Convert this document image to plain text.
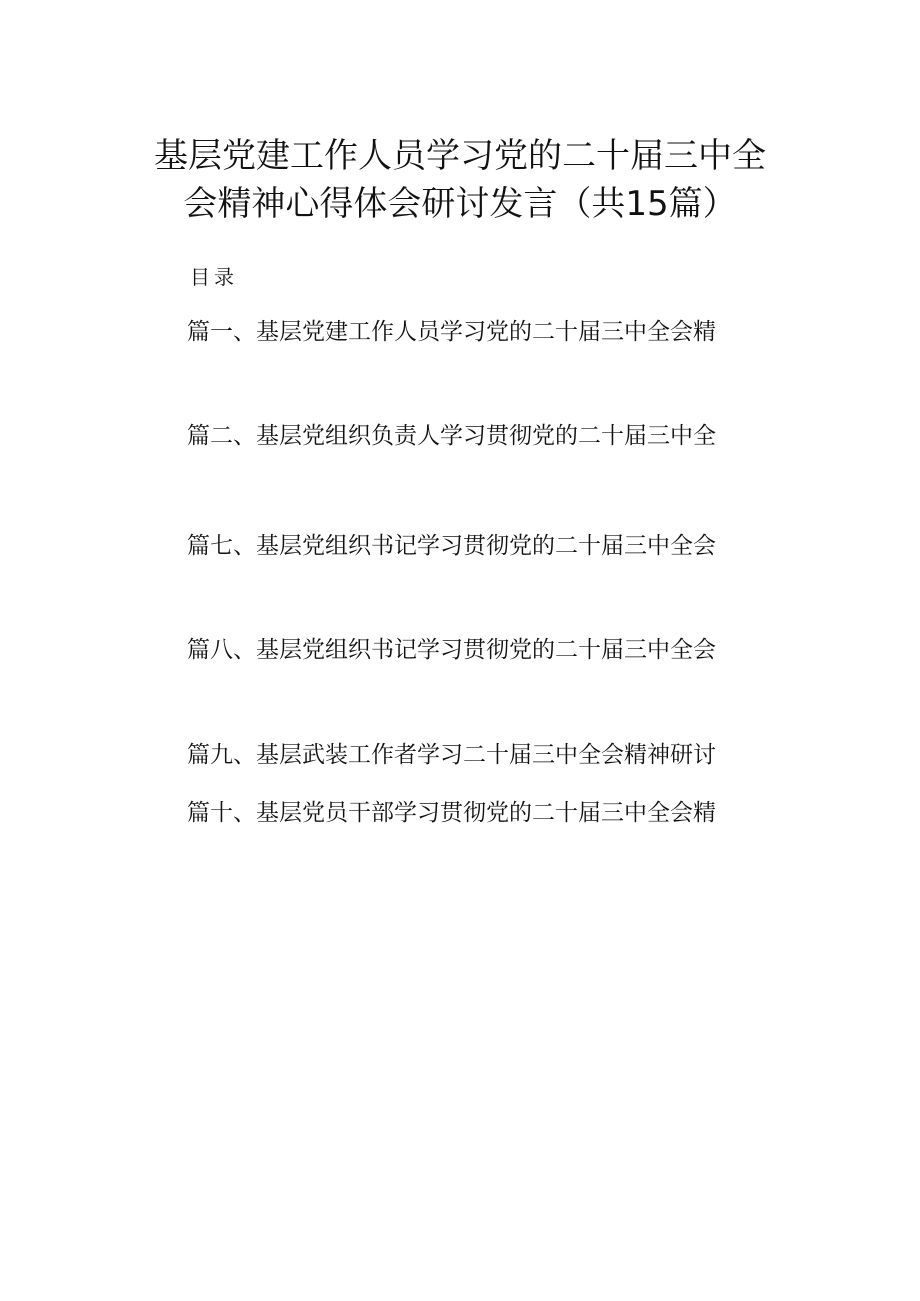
基层党建工作人员学习党的二十届三中全
会精神心得体会研讨发言（共15篇）
目录
篇一、基层党建工作人员学习党的二十届三中全会精
篇二、基层党组织负责人学习贯彻党的二十届三中全
篇七、基层党组织书记学习贯彻党的二十届三中全会
篇八、基层党组织书记学习贯彻党的二十届三中全会
篇九、基层武装工作者学习二十届三中全会精神研讨
篇十、基层党员干部学习贯彻党的二十届三中全会精
